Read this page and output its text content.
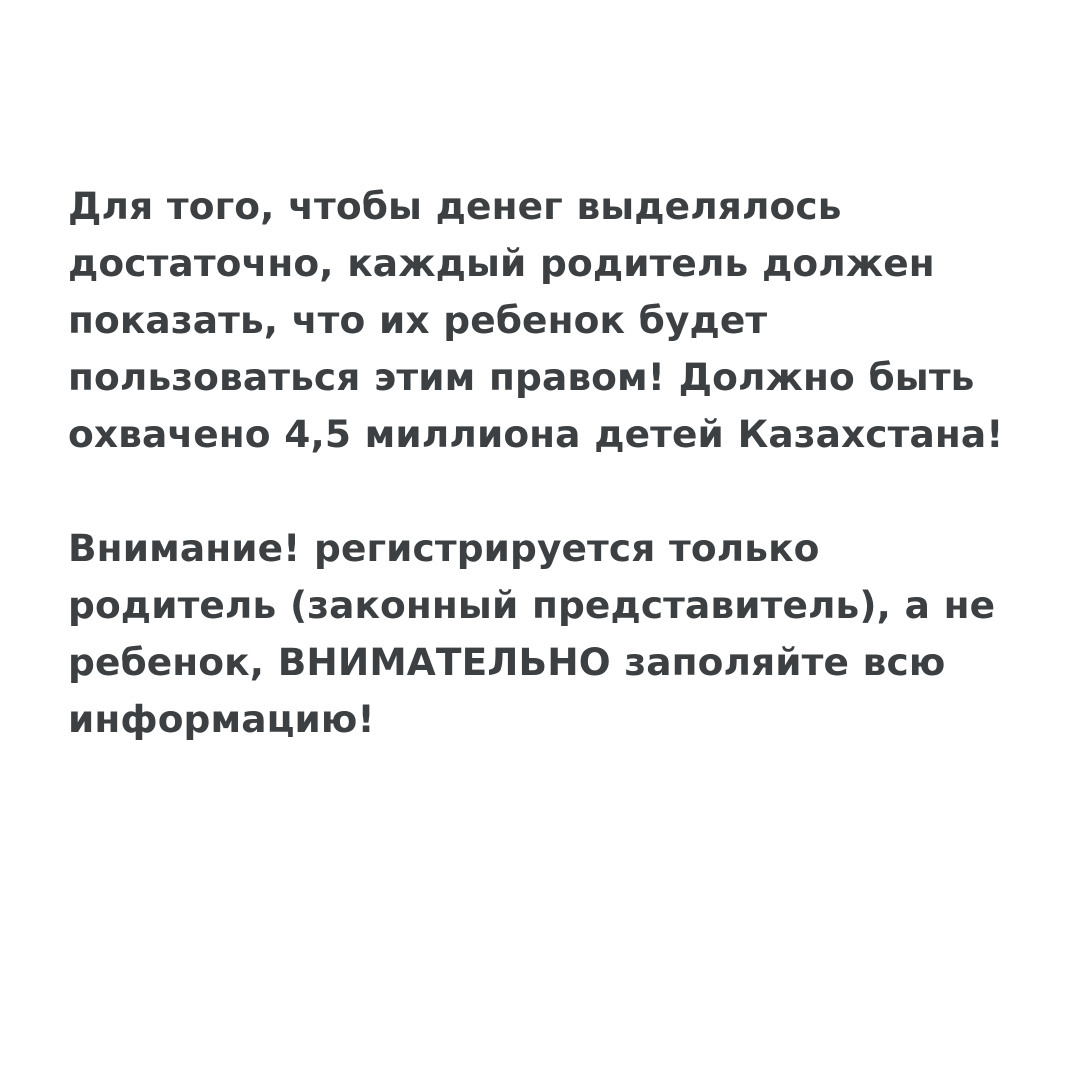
Для того, чтобы денег выделялось достаточно, каждый родитель должен показать, что их ребенок будет пользоваться этим правом! Должно быть охвачено 4,5 миллиона детей Казахстана!

Внимание! регистрируется только родитель (законный представитель), а не ребенок, ВНИМАТЕЛЬНО заполяйте всю информацию!
